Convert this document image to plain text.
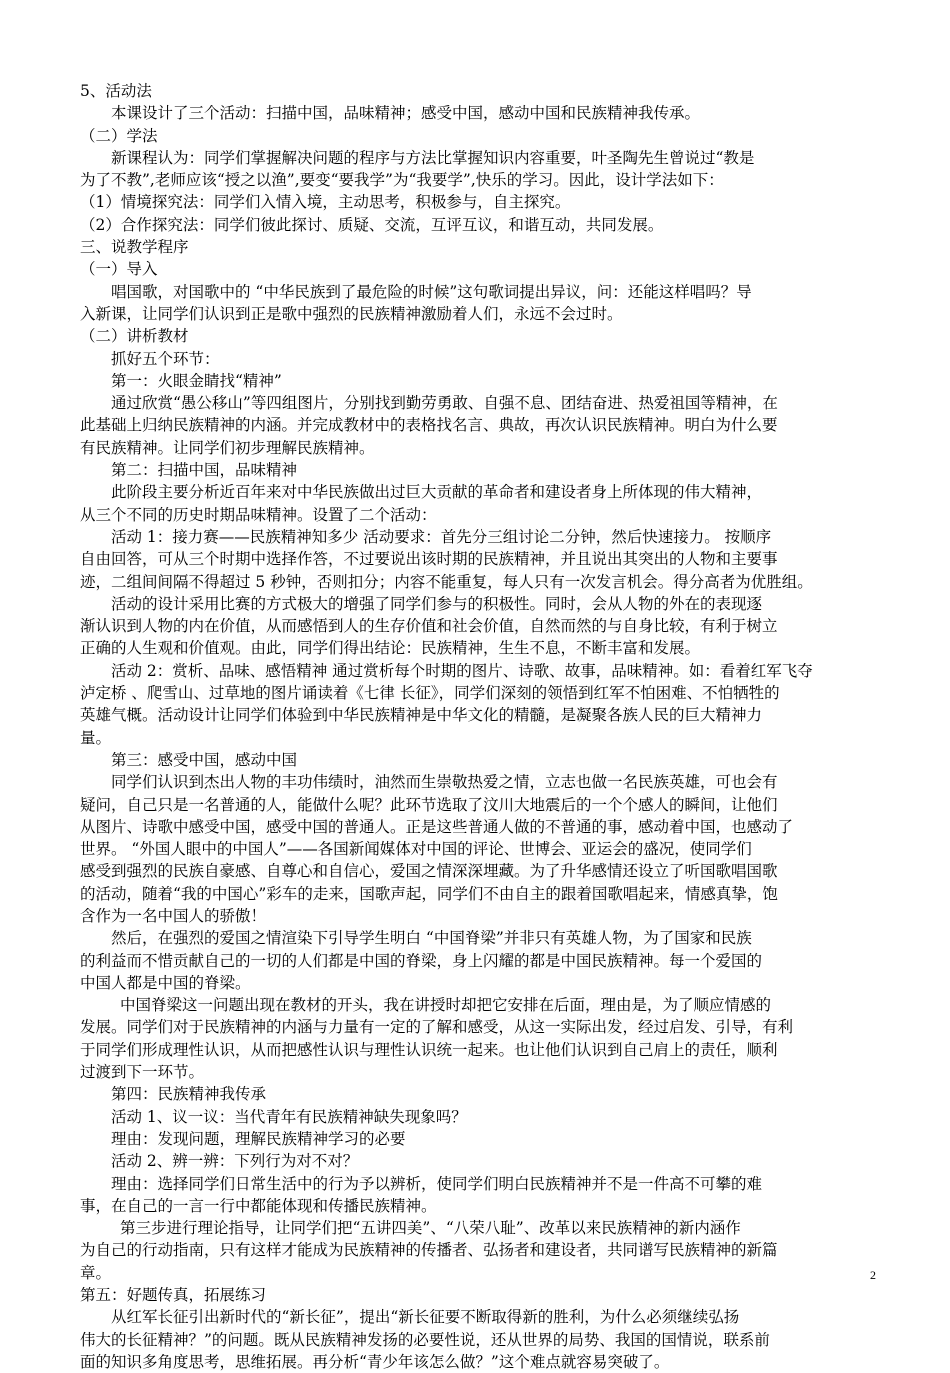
5、活动法
本课设计了三个活动：扫描中国，品味精神；感受中国，感动中国和民族精神我传承。
（二）学法
新课程认为：同学们掌握解决问题的程序与方法比掌握知识内容重要，叶圣陶先生曾说过“教是
为了不教”,老师应该“授之以渔”,要变“要我学”为“我要学”,快乐的学习。因此，设计学法如下：
（1）情境探究法：同学们入情入境，主动思考，积极参与，自主探究。
（2）合作探究法：同学们彼此探讨、质疑、交流，互评互议，和谐互动，共同发展。
三、说教学程序
（一）导入
唱国歌，对国歌中的 “中华民族到了最危险的时候”这句歌词提出异议，问：还能这样唱吗？导
入新课，让同学们认识到正是歌中强烈的民族精神激励着人们，永远不会过时。
（二）讲析教材
抓好五个环节：
第一：火眼金睛找“精神”
通过欣赏“愚公移山”等四组图片，分别找到勤劳勇敢、自强不息、团结奋进、热爱祖国等精神，在
此基础上归纳民族精神的内涵。并完成教材中的表格找名言、典故，再次认识民族精神。明白为什么要
有民族精神。让同学们初步理解民族精神。
第二：扫描中国，品味精神
此阶段主要分析近百年来对中华民族做出过巨大贡献的革命者和建设者身上所体现的伟大精神，
从三个不同的历史时期品味精神。设置了二个活动：
活动 1：接力赛——民族精神知多少 活动要求：首先分三组讨论二分钟，然后快速接力。 按顺序
自由回答，可从三个时期中选择作答，不过要说出该时期的民族精神，并且说出其突出的人物和主要事
迹，二组间间隔不得超过 5 秒钟，否则扣分；内容不能重复，每人只有一次发言机会。得分高者为优胜组。
活动的设计采用比赛的方式极大的增强了同学们参与的积极性。同时，会从人物的外在的表现逐
渐认识到人物的内在价值，从而感悟到人的生存价值和社会价值，自然而然的与自身比较，有利于树立
正确的人生观和价值观。由此，同学们得出结论：民族精神，生生不息，不断丰富和发展。
活动 2：赏析、品味、感悟精神 通过赏析每个时期的图片、诗歌、故事，品味精神。如：看着红军飞夺
泸定桥 、爬雪山、过草地的图片诵读着《七律 长征》，同学们深刻的领悟到红军不怕困难、不怕牺牲的
英雄气概。活动设计让同学们体验到中华民族精神是中华文化的精髓，是凝聚各族人民的巨大精神力
量。
第三：感受中国，感动中国
同学们认识到杰出人物的丰功伟绩时，油然而生崇敬热爱之情，立志也做一名民族英雄，可也会有
疑问，自己只是一名普通的人，能做什么呢？此环节选取了汶川大地震后的一个个感人的瞬间，让他们
从图片、诗歌中感受中国，感受中国的普通人。正是这些普通人做的不普通的事，感动着中国，也感动了
世界。 “外国人眼中的中国人”——各国新闻媒体对中国的评论、世博会、亚运会的盛况，使同学们
感受到强烈的民族自豪感、自尊心和自信心，爱国之情深深埋藏。为了升华感情还设立了听国歌唱国歌
的活动，随着“我的中国心”彩车的走来，国歌声起，同学们不由自主的跟着国歌唱起来，情感真挚，饱
含作为一名中国人的骄傲！
然后，在强烈的爱国之情渲染下引导学生明白 “中国脊梁”并非只有英雄人物，为了国家和民族
的利益而不惜贡献自己的一切的人们都是中国的脊梁，身上闪耀的都是中国民族精神。每一个爱国的
中国人都是中国的脊梁。
中国脊梁这一问题出现在教材的开头，我在讲授时却把它安排在后面，理由是，为了顺应情感的
发展。同学们对于民族精神的内涵与力量有一定的了解和感受，从这一实际出发，经过启发、引导，有利
于同学们形成理性认识，从而把感性认识与理性认识统一起来。也让他们认识到自己肩上的责任，顺利
过渡到下一环节。
第四：民族精神我传承
活动 1、议一议：当代青年有民族精神缺失现象吗？
理由：发现问题，理解民族精神学习的必要
活动 2、辨一辨：下列行为对不对？
理由：选择同学们日常生活中的行为予以辨析，使同学们明白民族精神并不是一件高不可攀的难
事，在自己的一言一行中都能体现和传播民族精神。
第三步进行理论指导，让同学们把“五讲四美”、“八荣八耻”、改革以来民族精神的新内涵作
为自己的行动指南，只有这样才能成为民族精神的传播者、弘扬者和建设者，共同谱写民族精神的新篇
章。
第五：好题传真，拓展练习
从红军长征引出新时代的“新长征”，提出“新长征要不断取得新的胜利，为什么必须继续弘扬
伟大的长征精神？”的问题。既从民族精神发扬的必要性说，还从世界的局势、我国的国情说，联系前
面的知识多角度思考，思维拓展。再分析“青少年该怎么做？”这个难点就容易突破了。
2
